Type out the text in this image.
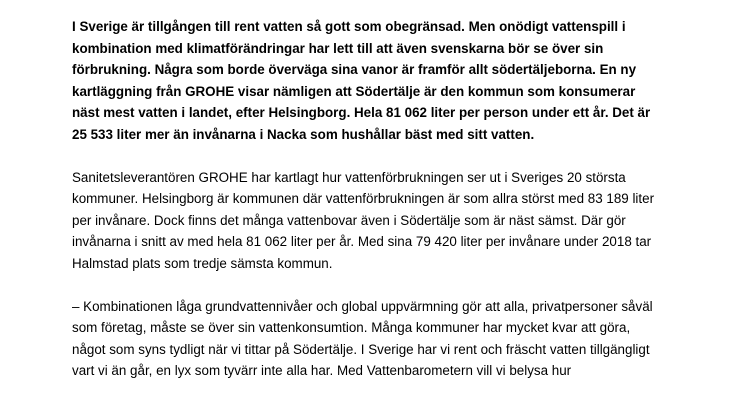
I Sverige är tillgången till rent vatten så gott som obegränsad. Men onödigt vattenspill i
kombination med klimatförändringar har lett till att även svenskarna bör se över sin
förbrukning. Några som borde överväga sina vanor är framför allt södertäljeborna. En ny
kartläggning från GROHE visar nämligen att Södertälje är den kommun som konsumerar
näst mest vatten i landet, efter Helsingborg. Hela 81 062 liter per person under ett år. Det är
25 533 liter mer än invånarna i Nacka som hushållar bäst med sitt vatten.
Sanitetsleverantören GROHE har kartlagt hur vattenförbrukningen ser ut i Sveriges 20 största
kommuner. Helsingborg är kommunen där vattenförbrukningen är som allra störst med 83 189 liter
per invånare. Dock finns det många vattenbovar även i Södertälje som är näst sämst. Där gör
invånarna i snitt av med hela 81 062 liter per år. Med sina 79 420 liter per invånare under 2018 tar
Halmstad plats som tredje sämsta kommun.
– Kombinationen låga grundvattennivåer och global uppvärmning gör att alla, privatpersoner såväl
som företag, måste se över sin vattenkonsumtion. Många kommuner har mycket kvar att göra,
något som syns tydligt när vi tittar på Södertälje. I Sverige har vi rent och fräscht vatten tillgängligt
vart vi än går, en lyx som tyvärr inte alla har. Med Vattenbarometern vill vi belysa hur
